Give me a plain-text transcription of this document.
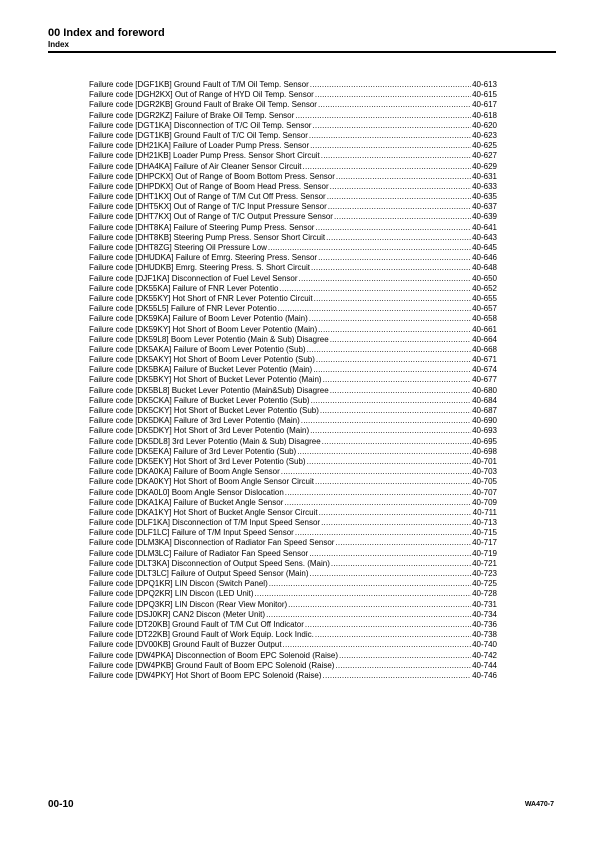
00 Index and foreword
Index
Failure code [DGF1KB] Ground Fault of T/M Oil Temp. Sensor .....	40-613
Failure code [DGH2KX] Out of Range of HYD Oil Temp. Sensor .....	40-615
Failure code [DGR2KB] Ground Fault of Brake Oil Temp. Sensor .....	40-617
Failure code [DGR2KZ] Failure of Brake Oil Temp. Sensor .....	40-618
Failure code [DGT1KA] Disconnection of T/C Oil Temp. Sensor .....	40-620
Failure code [DGT1KB] Ground Fault of T/C Oil Temp. Sensor .....	40-623
Failure code [DH21KA] Failure of Loader Pump Press. Sensor .....	40-625
Failure code [DH21KB] Loader Pump Press. Sensor Short Circuit .....	40-627
Failure code [DHA4KA] Failure of Air Cleaner Sensor Circuit .....	40-629
Failure code [DHPCKX] Out of Range of Boom Bottom Press. Sensor .....	40-631
Failure code [DHPDKX] Out of Range of Boom Head Press. Sensor .....	40-633
Failure code [DHT1KX] Out of Range of T/M Cut Off Press. Sensor .....	40-635
Failure code [DHT5KX] Out of Range of T/C Input Pressure Sensor .....	40-637
Failure code [DHT7KX] Out of Range of T/C Output Pressure Sensor .....	40-639
Failure code [DHT8KA] Failure of Steering Pump Press. Sensor .....	40-641
Failure code [DHT8KB] Steering Pump Press. Sensor Short Circuit .....	40-643
Failure code [DHT8ZG] Steering Oil Pressure Low .....	40-645
Failure code [DHUDKA] Failure of Emrg. Steering Press. Sensor .....	40-646
Failure code [DHUDKB] Emrg. Steering Press. S. Short Circuit .....	40-648
Failure code [DJF1KA] Disconnection of Fuel Level Sensor .....	40-650
Failure code [DK55KA] Failure of FNR Lever Potentio .....	40-652
Failure code [DK55KY] Hot Short of FNR Lever Potentio Circuit .....	40-655
Failure code [DK55L5] Failure of FNR Lever Potentio .....	40-657
Failure code [DK59KA] Failure of Boom Lever Potentio (Main) .....	40-658
Failure code [DK59KY] Hot Short of Boom Lever Potentio (Main) .....	40-661
Failure code [DK59L8] Boom Lever Potentio (Main & Sub) Disagree .....	40-664
Failure code [DK5AKA] Failure of Boom Lever Potentio (Sub) .....	40-668
Failure code [DK5AKY] Hot Short of Boom Lever Potentio (Sub) .....	40-671
Failure code [DK5BKA] Failure of Bucket Lever Potentio (Main) .....	40-674
Failure code [DK5BKY] Hot Short of Bucket Lever Potentio (Main) .....	40-677
Failure code [DK5BL8] Bucket Lever Potentio (Main&Sub) Disagree .....	40-680
Failure code [DK5CKA] Failure of Bucket Lever Potentio (Sub) .....	40-684
Failure code [DK5CKY] Hot Short of Bucket Lever Potentio (Sub) .....	40-687
Failure code [DK5DKA] Failure of 3rd Lever Potentio (Main) .....	40-690
Failure code [DK5DKY] Hot Short of 3rd Lever Potentio (Main) .....	40-693
Failure code [DK5DL8] 3rd Lever Potentio (Main & Sub) Disagree .....	40-695
Failure code [DK5EKA] Failure of 3rd Lever Potentio (Sub) .....	40-698
Failure code [DK5EKY] Hot Short of 3rd Lever Potentio (Sub) .....	40-701
Failure code [DKA0KA] Failure of Boom Angle Sensor .....	40-703
Failure code [DKA0KY] Hot Short of Boom Angle Sensor Circuit .....	40-705
Failure code [DKA0L0] Boom Angle Sensor Dislocation .....	40-707
Failure code [DKA1KA] Failure of Bucket Angle Sensor .....	40-709
Failure code [DKA1KY] Hot Short of Bucket Angle Sensor Circuit .....	40-711
Failure code [DLF1KA] Disconnection of T/M Input Speed Sensor .....	40-713
Failure code [DLF1LC] Failure of T/M Input Speed Sensor .....	40-715
Failure code [DLM3KA] Disconnection of Radiator Fan Speed Sensor .....	40-717
Failure code [DLM3LC] Failure of Radiator Fan Speed Sensor .....	40-719
Failure code [DLT3KA] Disconnection of Output Speed Sens. (Main) .....	40-721
Failure code [DLT3LC] Failure of Output Speed Sensor (Main) .....	40-723
Failure code [DPQ1KR] LIN Discon (Switch Panel) .....	40-725
Failure code [DPQ2KR] LIN Discon (LED Unit) .....	40-728
Failure code [DPQ3KR] LIN Discon (Rear View Monitor) .....	40-731
Failure code [DSJ0KR] CAN2 Discon (Meter Unit) .....	40-734
Failure code [DT20KB] Ground Fault of T/M Cut Off Indicator .....	40-736
Failure code [DT22KB] Ground Fault of Work Equip. Lock Indic. .....	40-738
Failure code [DV00KB] Ground Fault of Buzzer Output .....	40-740
Failure code [DW4PKA] Disconnection of Boom EPC Solenoid (Raise) .....	40-742
Failure code [DW4PKB] Ground Fault of Boom EPC Solenoid (Raise) .....	40-744
Failure code [DW4PKY] Hot Short of Boom EPC Solenoid (Raise) .....	40-746
00-10	WA470-7
